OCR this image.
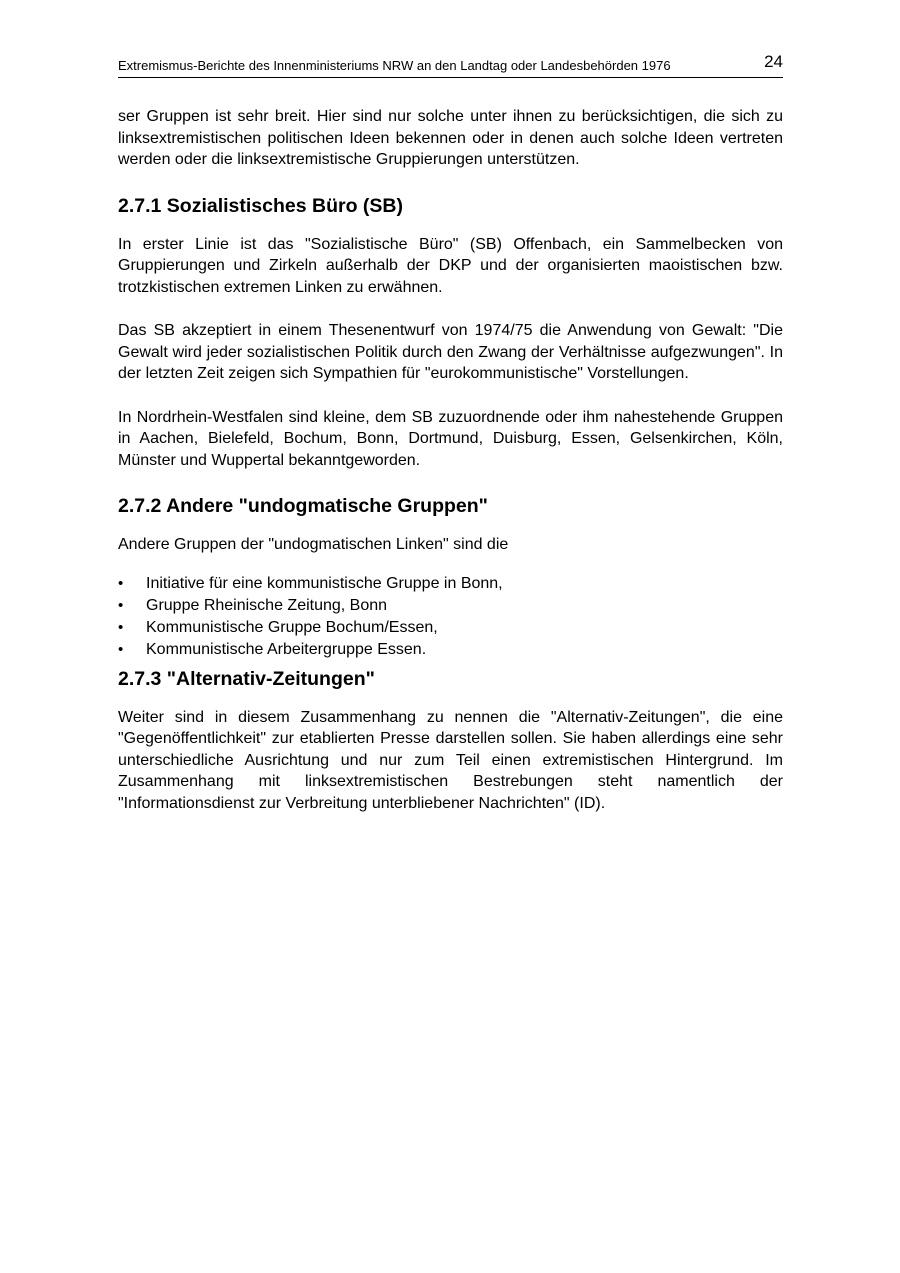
Extremismus-Berichte des Innenministeriums NRW an den Landtag oder Landesbehörden 1976	24

ser Gruppen ist sehr breit. Hier sind nur solche unter ihnen zu berücksichtigen, die sich zu linksextremistischen politischen Ideen bekennen oder in denen auch solche Ideen vertreten werden oder die linksextremistische Gruppierungen unterstützen.

2.7.1 Sozialistisches Büro (SB)

In erster Linie ist das "Sozialistische Büro" (SB) Offenbach, ein Sammelbecken von Gruppierungen und Zirkeln außerhalb der DKP und der organisierten maoistischen bzw. trotzkistischen extremen Linken zu erwähnen.

Das SB akzeptiert in einem Thesenentwurf von 1974/75 die Anwendung von Gewalt: "Die Gewalt wird jeder sozialistischen Politik durch den Zwang der Verhältnisse aufgezwungen". In der letzten Zeit zeigen sich Sympathien für "eurokommunistische" Vorstellungen.

In Nordrhein-Westfalen sind kleine, dem SB zuzuordnende oder ihm nahestehende Gruppen in Aachen, Bielefeld, Bochum, Bonn, Dortmund, Duisburg, Essen, Gelsenkirchen, Köln, Münster und Wuppertal bekanntgeworden.

2.7.2 Andere "undogmatische Gruppen"

Andere Gruppen der "undogmatischen Linken" sind die

• Initiative für eine kommunistische Gruppe in Bonn,
• Gruppe Rheinische Zeitung, Bonn
• Kommunistische Gruppe Bochum/Essen,
• Kommunistische Arbeitergruppe Essen.
2.7.3 "Alternativ-Zeitungen"

Weiter sind in diesem Zusammenhang zu nennen die "Alternativ-Zeitungen", die eine "Gegenöffentlichkeit" zur etablierten Presse darstellen sollen. Sie haben allerdings eine sehr unterschiedliche Ausrichtung und nur zum Teil einen extremistischen Hintergrund. Im Zusammenhang mit linksextremistischen Bestrebungen steht namentlich der "Informationsdienst zur Verbreitung unterbliebener Nachrichten" (ID).
